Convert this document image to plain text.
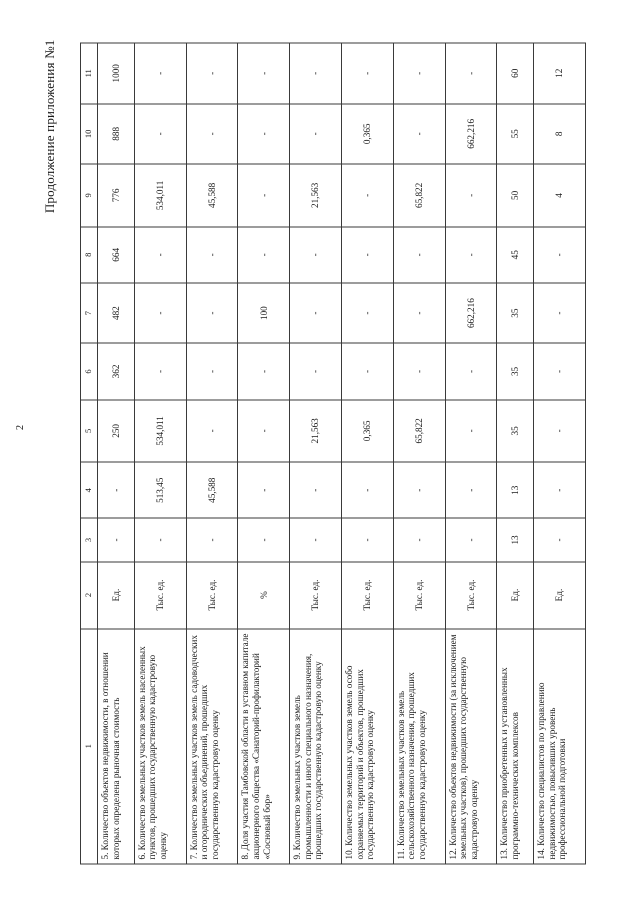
2
Продолжение приложения №1
1	2	3	4	5	6	7	8	9	10	11
5. Количество объектов недвижимости, в отношении которых определена рыночная стоимость	Ед.	-	-	250	362	482	664	776	888	1000
6. Количество земельных участков земель населенных пунктов, прошедших государственную кадастровую оценку	Тыс. ед.	-	513,45	534,011	-	-	-	534,011	-	-
7. Количество земельных участков земель садоводческих и огороднических объединений, прошедших государственную кадастровую оценку	Тыс. ед.	-	45,588	-	-	-	-	45,588	-	-
8. Доля участия Тамбовской области в уставном капитале акционерного общества «Санаторий-профилакторий «Сосновый бор»	%	-	-	-	-	100	-	-	-	-
9. Количество земельных участков земель промышленности и иного специального назначения, прошедших государственную кадастровую оценку	Тыс. ед.	-	-	21,563	-	-	-	21,563	-	-
10. Количество земельных участков земель особо охраняемых территорий и объектов, прошедших государственную кадастровую оценку	Тыс. ед.	-	-	0,365	-	-	-	-	0,365	-
11. Количество земельных участков земель сельскохозяйственного назначения, прошедших государственную кадастровую оценку	Тыс. ед.	-	-	65,822	-	-	-	65,822	-	-
12. Количество объектов недвижимости (за исключением земельных участков), прошедших государственную кадастровую оценку	Тыс. ед.	-	-	-	-	662,216	-	-	662,216	-
13. Количество приобретенных и установленных программно-технических комплексов	Ед.	13	13	35	35	35	45	50	55	60
14. Количество специалистов по управлению недвижимостью, повысивших уровень профессиональной подготовки	Ед.	-	-	-	-	-	-	4	8	12
